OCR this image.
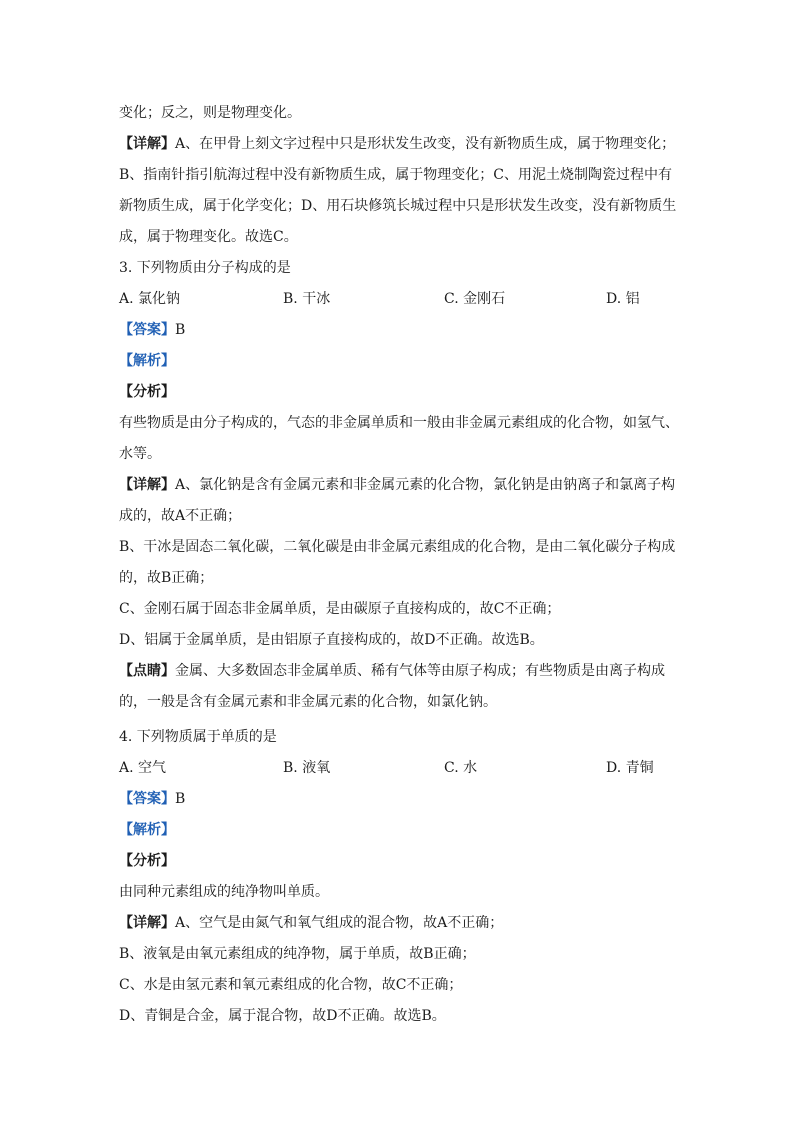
变化；反之，则是物理变化。
【详解】A、在甲骨上刻文字过程中只是形状发生改变，没有新物质生成，属于物理变化；
B、指南针指引航海过程中没有新物质生成，属于物理变化；C、用泥土烧制陶瓷过程中有
新物质生成，属于化学变化；D、用石块修筑长城过程中只是形状发生改变，没有新物质生
成，属于物理变化。故选C。
3. 下列物质由分子构成的是
A. 氯化钠	B. 干冰	C. 金刚石	D. 铝
【答案】B
【解析】
【分析】
有些物质是由分子构成的，气态的非金属单质和一般由非金属元素组成的化合物，如氢气、
水等。
【详解】A、氯化钠是含有金属元素和非金属元素的化合物，氯化钠是由钠离子和氯离子构
成的，故A不正确；
B、干冰是固态二氧化碳，二氧化碳是由非金属元素组成的化合物，是由二氧化碳分子构成
的，故B正确；
C、金刚石属于固态非金属单质，是由碳原子直接构成的，故C不正确；
D、铝属于金属单质，是由铝原子直接构成的，故D不正确。故选B。
【点睛】金属、大多数固态非金属单质、稀有气体等由原子构成；有些物质是由离子构成
的，一般是含有金属元素和非金属元素的化合物，如氯化钠。
4. 下列物质属于单质的是
A. 空气	B. 液氧	C. 水	D. 青铜
【答案】B
【解析】
【分析】
由同种元素组成的纯净物叫单质。
【详解】A、空气是由氮气和氧气组成的混合物，故A不正确；
B、液氧是由氧元素组成的纯净物，属于单质，故B正确；
C、水是由氢元素和氧元素组成的化合物，故C不正确；
D、青铜是合金，属于混合物，故D不正确。故选B。
